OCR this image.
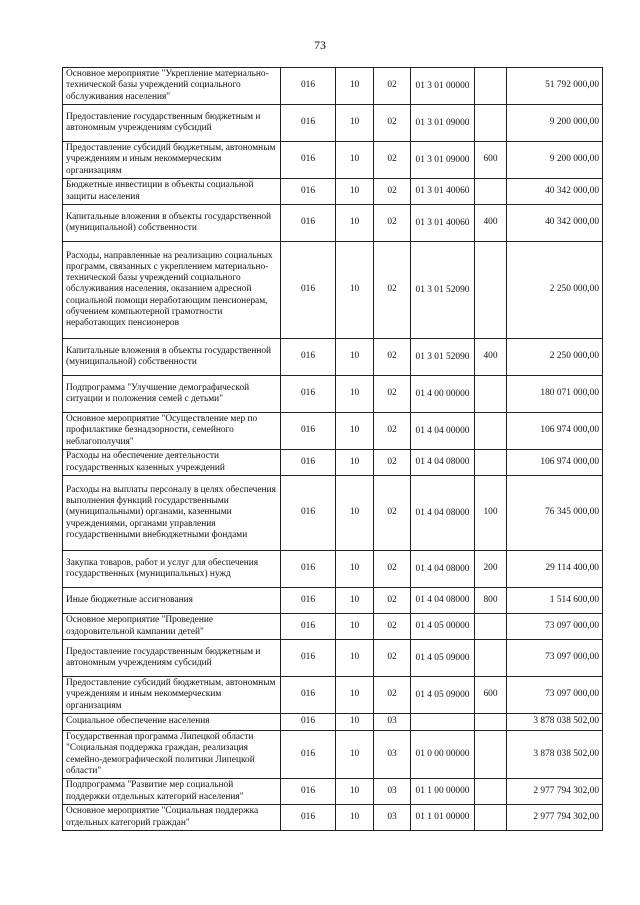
73
Основное мероприятие "Укрепление материально-технической базы учреждений социального обслуживания населения"	016	10	02	01 3 01 00000		51 792 000,00
Предоставление государственным бюджетным и автономным учреждениям субсидий	016	10	02	01 3 01 09000		9 200 000,00
Предоставление субсидий бюджетным, автономным учреждениям и иным некоммерческим организациям	016	10	02	01 3 01 09000	600	9 200 000,00
Бюджетные инвестиции в объекты социальной защиты населения	016	10	02	01 3 01 40060		40 342 000,00
Капитальные вложения в объекты государственной (муниципальной) собственности	016	10	02	01 3 01 40060	400	40 342 000,00
Расходы, направленные на реализацию социальных программ, связанных с укреплением материально-технической базы учреждений социального обслуживания населения, оказанием адресной социальной помощи неработающим пенсионерам, обучением компьютерной грамотности неработающих пенсионеров	016	10	02	01 3 01 52090		2 250 000,00
Капитальные вложения в объекты государственной (муниципальной) собственности	016	10	02	01 3 01 52090	400	2 250 000,00
Подпрограмма "Улучшение демографической ситуации и положения семей с детьми"	016	10	02	01 4 00 00000		180 071 000,00
Основное мероприятие "Осуществление мер по профилактике безнадзорности, семейного неблагополучия"	016	10	02	01 4 04 00000		106 974 000,00
Расходы на обеспечение деятельности государственных казенных учреждений	016	10	02	01 4 04 08000		106 974 000,00
Расходы на выплаты персоналу в целях обеспечения выполнения функций государственными (муниципальными) органами, казенными учреждениями, органами управления государственными внебюджетными фондами	016	10	02	01 4 04 08000	100	76 345 000,00
Закупка товаров, работ и услуг для обеспечения государственных (муниципальных) нужд	016	10	02	01 4 04 08000	200	29 114 400,00
Иные бюджетные ассигнования	016	10	02	01 4 04 08000	800	1 514 600,00
Основное мероприятие "Проведение оздоровительной кампании детей"	016	10	02	01 4 05 00000		73 097 000,00
Предоставление государственным бюджетным и автономным учреждениям субсидий	016	10	02	01 4 05 09000		73 097 000,00
Предоставление субсидий бюджетным, автономным учреждениям и иным некоммерческим организациям	016	10	02	01 4 05 09000	600	73 097 000,00
Социальное обеспечение населения	016	10	03			3 878 038 502,00
Государственная программа Липецкой области "Социальная поддержка граждан, реализация семейно-демографической политики Липецкой области"	016	10	03	01 0 00 00000		3 878 038 502,00
Подпрограмма "Развитие мер социальной поддержки отдельных категорий населения"	016	10	03	01 1 00 00000		2 977 794 302,00
Основное мероприятие "Социальная поддержка отдельных категорий граждан"	016	10	03	01 1 01 00000		2 977 794 302,00
